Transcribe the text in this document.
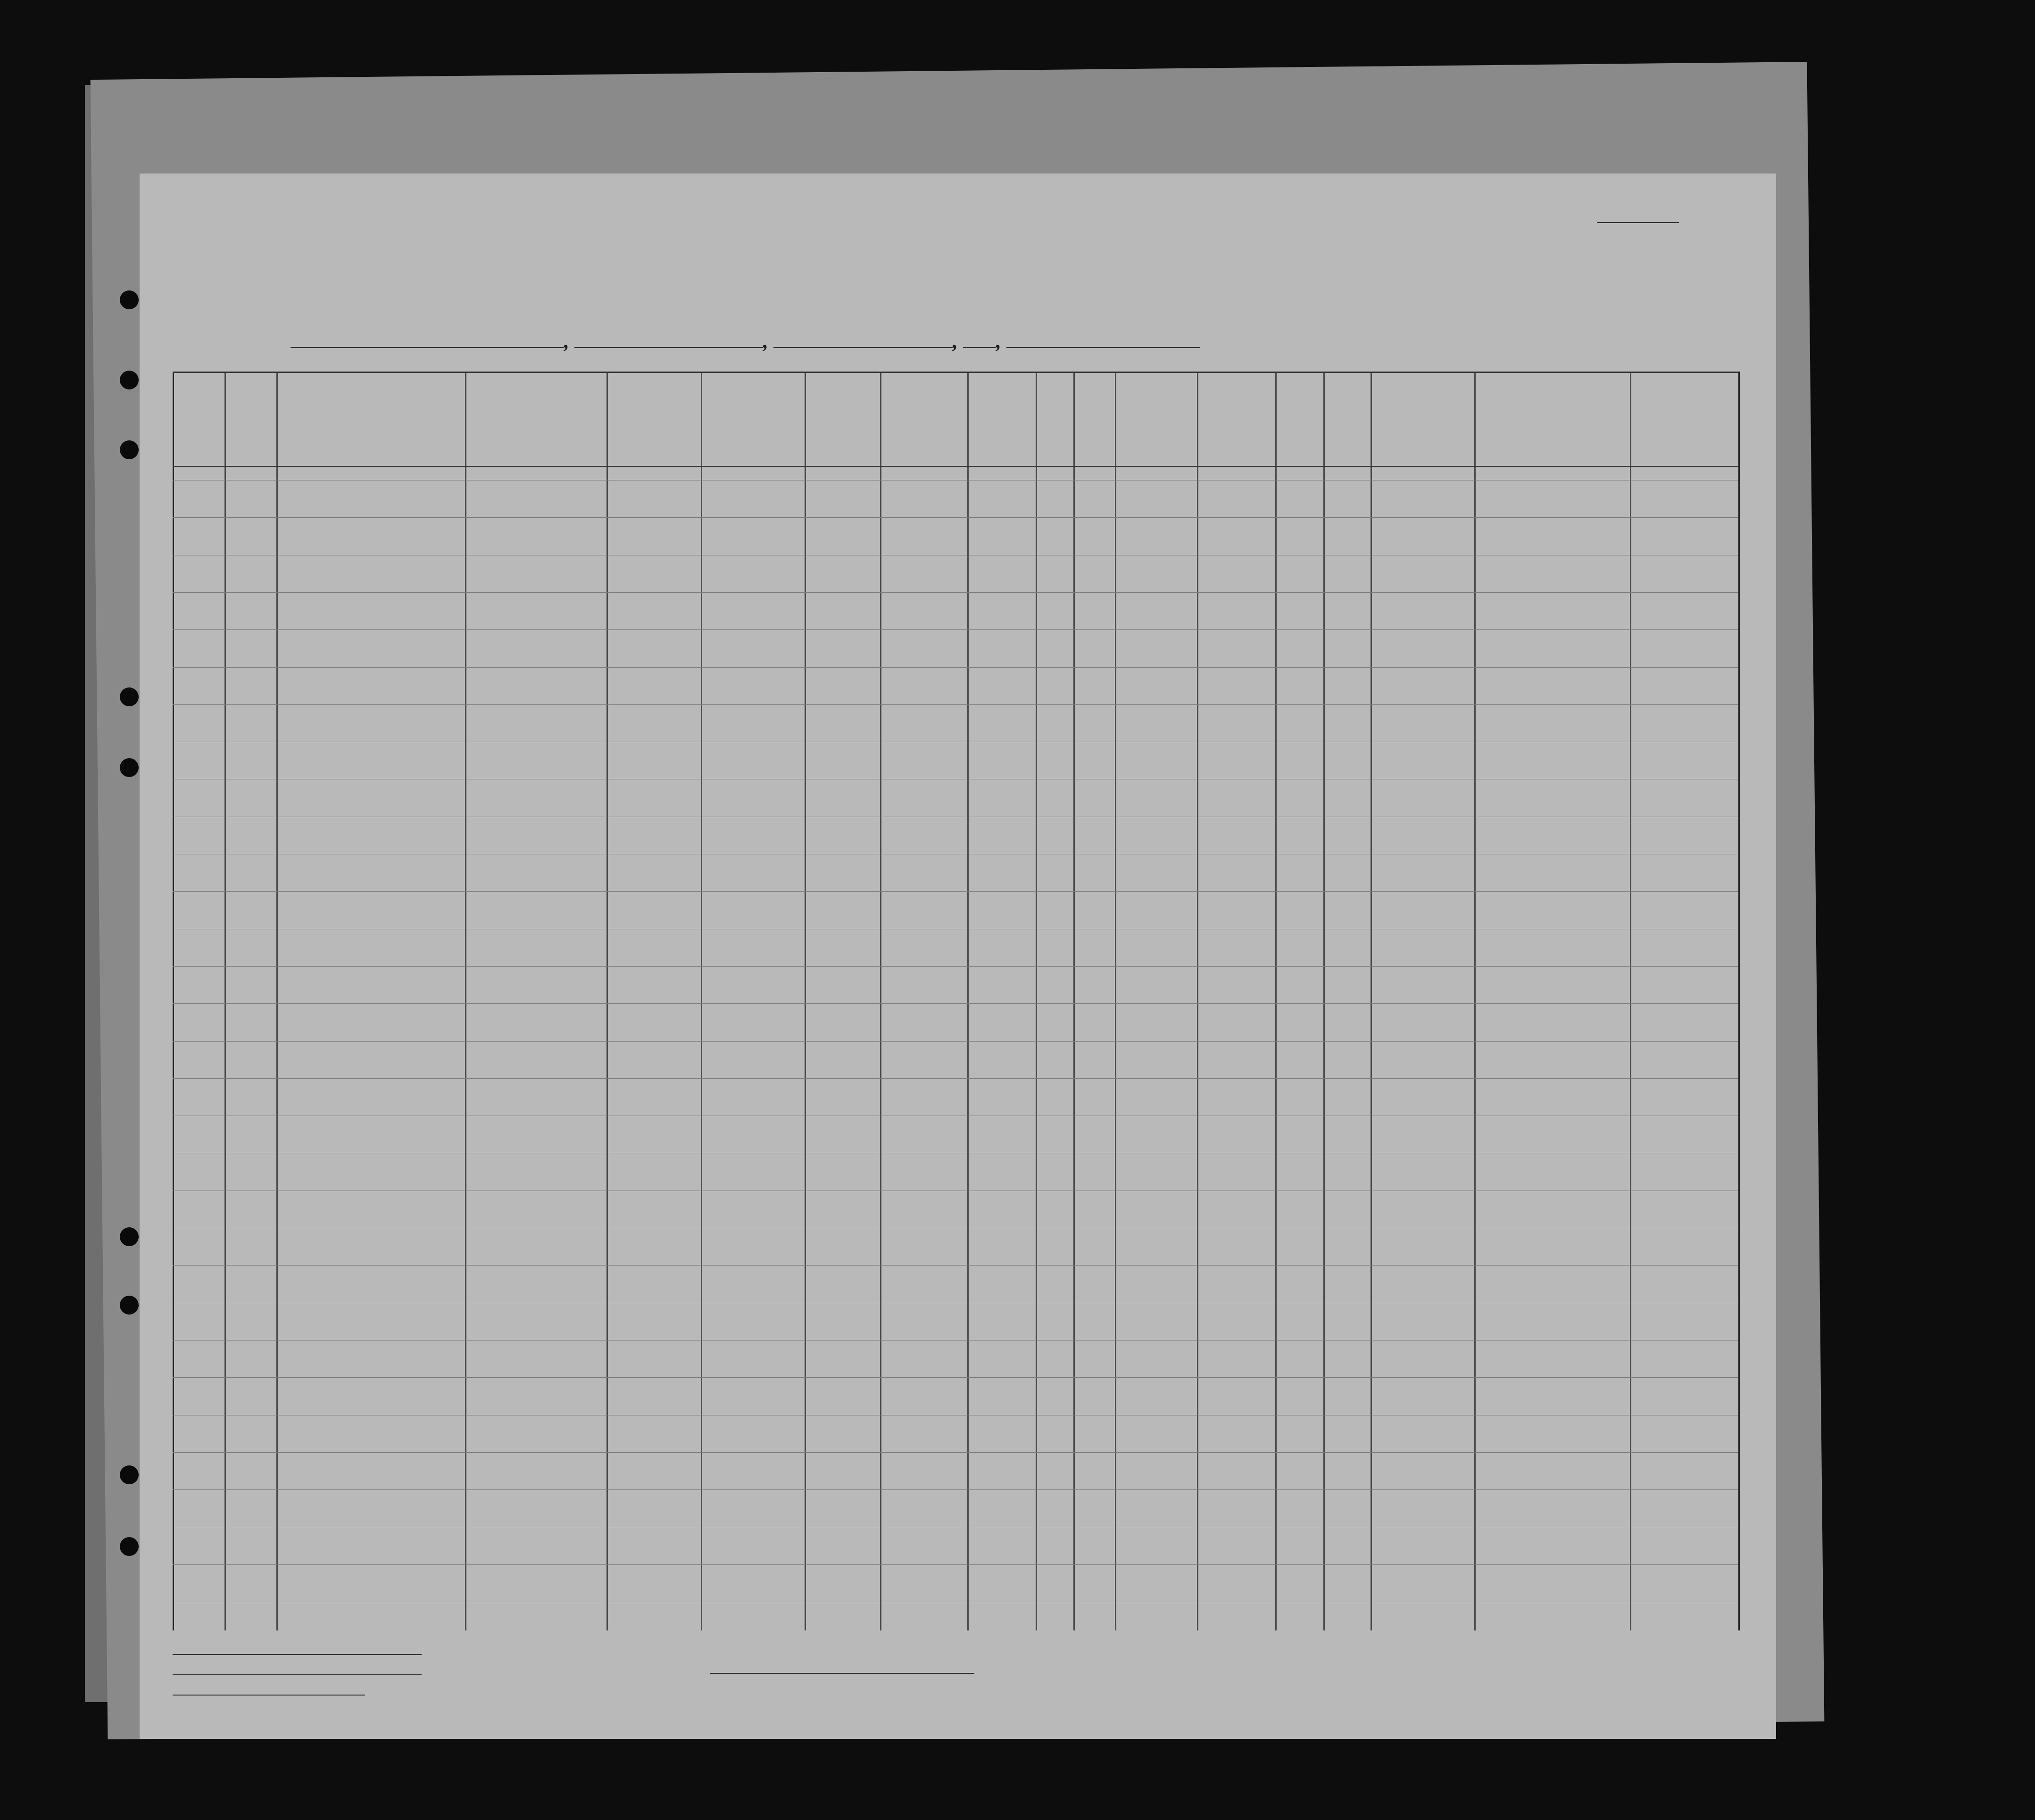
,	,	, ,
